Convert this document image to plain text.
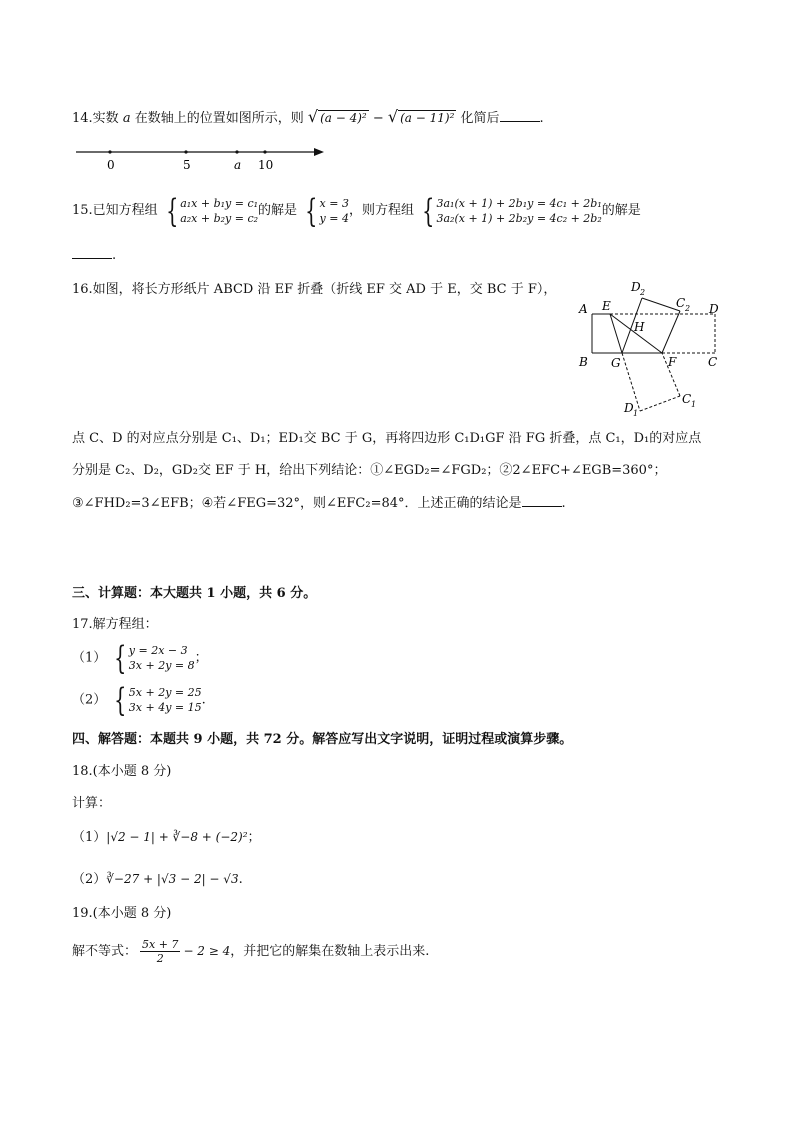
14.实数 a 在数轴上的位置如图所示，则 √ (a − 4)² − √ (a − 11)² 化简后	.
0	5	a 10
15.已知方程组 { a₁x + b₁y = c₁
a₂x + b₂y = c₂ 的解是 { x = 3
y = 4 ，则方程组 { 3a₁(x + 1) + 2b₁y = 4c₁ + 2b₁
3a₂(x + 1) + 2b₂y = 4c₂ + 2b₂ 的解是
.
16.如图，将长方形纸片 ABCD 沿 EF 折叠（折线 EF 交 AD 于 E，交 BC 于 F），
A
B	C
D
E
F
G
H
D 2
C 2
C 1
D 1
点 C、D 的对应点分别是 C₁、D₁；ED₁交 BC 于 G，再将四边形 C₁D₁GF 沿 FG 折叠，点 C₁，D₁的对应点
分别是 C₂、D₂，GD₂交 EF 于 H，给出下列结论：①∠EGD₂=∠FGD₂；②2∠EFC+∠EGB=360°；
③∠FHD₂=3∠EFB；④若∠FEG=32°，则∠EFC₂=84°．上述正确的结论是	.
三、计算题：本大题共 1 小题，共 6 分。
17.解方程组：
（1） { y = 2x − 3
3x + 2y = 8 ；
（2） { 5x + 2y = 25
3x + 4y = 15 .
四、解答题：本题共 9 小题，共 72 分。解答应写出文字说明，证明过程或演算步骤。
18.(本小题 8 分)
计算：
（1）|√2 − 1| + ∛−8 + (−2)²；
（2）∛−27 + |√3 − 2| − √3.
19.(本小题 8 分)
解不等式： $\frac{5x + 7}{2} - 2 \ge 4$，并把它的解集在数轴上表示出来.
